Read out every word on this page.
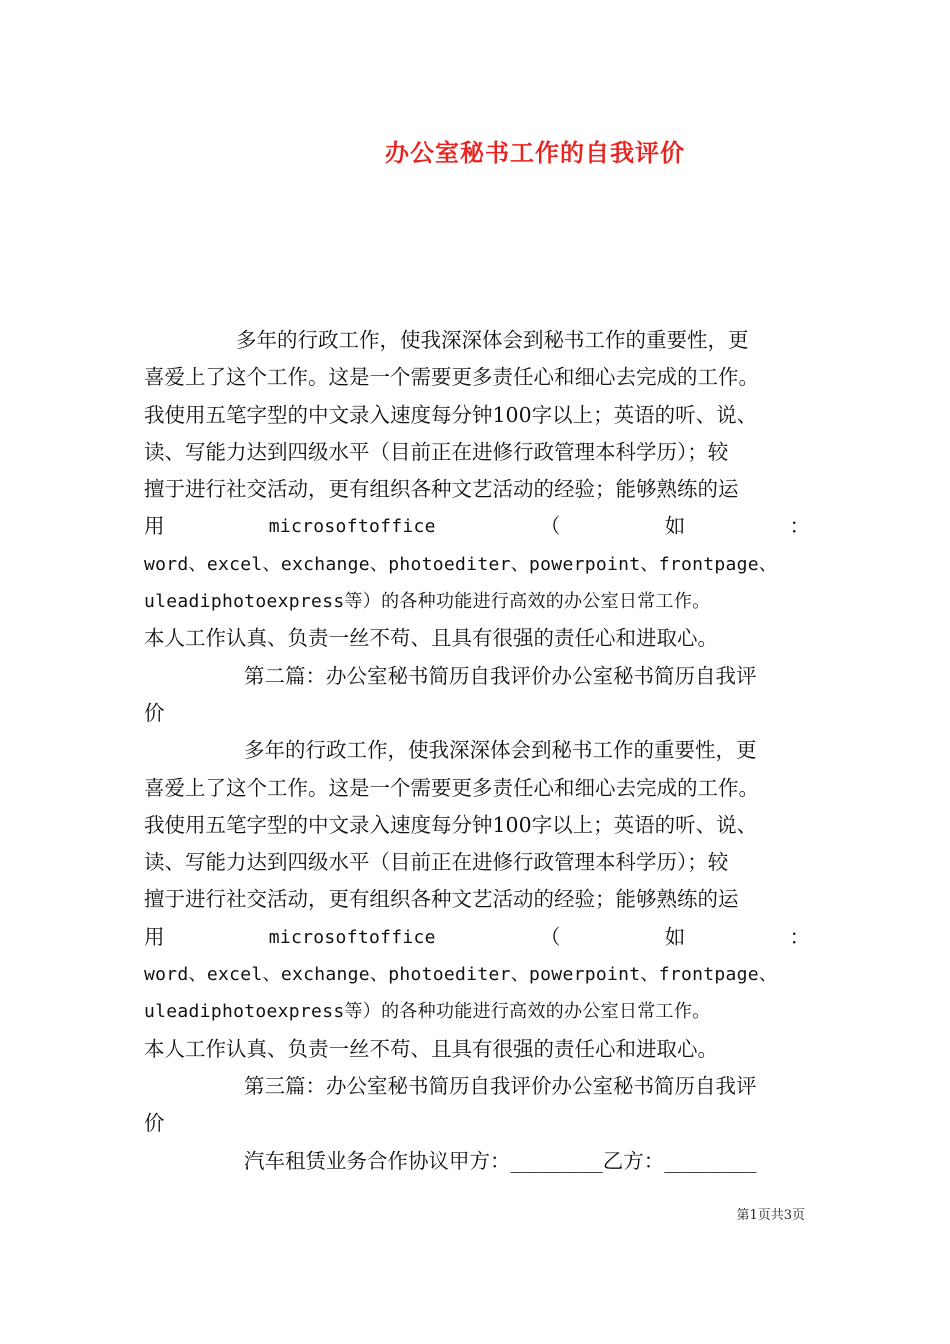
办公室秘书工作的自我评价
多年的行政工作，使我深深体会到秘书工作的重要性，更
喜爱上了这个工作。这是一个需要更多责任心和细心去完成的工作。
我使用五笔字型的中文录入速度每分钟100字以上；英语的听、说、
读、写能力达到四级水平（目前正在进修行政管理本科学历）；较
擅于进行社交活动，更有组织各种文艺活动的经验；能够熟练的运
用	microsoftoffice	（	如	：
word、excel、exchange、photoediter、powerpoint、frontpage、
uleadiphotoexpress等）的各种功能进行高效的办公室日常工作。
本人工作认真、负责一丝不苟、且具有很强的责任心和进取心。
第二篇：办公室秘书简历自我评价办公室秘书简历自我评
价
多年的行政工作，使我深深体会到秘书工作的重要性，更
喜爱上了这个工作。这是一个需要更多责任心和细心去完成的工作。
我使用五笔字型的中文录入速度每分钟100字以上；英语的听、说、
读、写能力达到四级水平（目前正在进修行政管理本科学历）；较
擅于进行社交活动，更有组织各种文艺活动的经验；能够熟练的运
用	microsoftoffice	（	如	：
word、excel、exchange、photoediter、powerpoint、frontpage、
uleadiphotoexpress等）的各种功能进行高效的办公室日常工作。
本人工作认真、负责一丝不苟、且具有很强的责任心和进取心。
第三篇：办公室秘书简历自我评价办公室秘书简历自我评
价
汽车租赁业务合作协议甲方：_________乙方：_________
第1页共3页
